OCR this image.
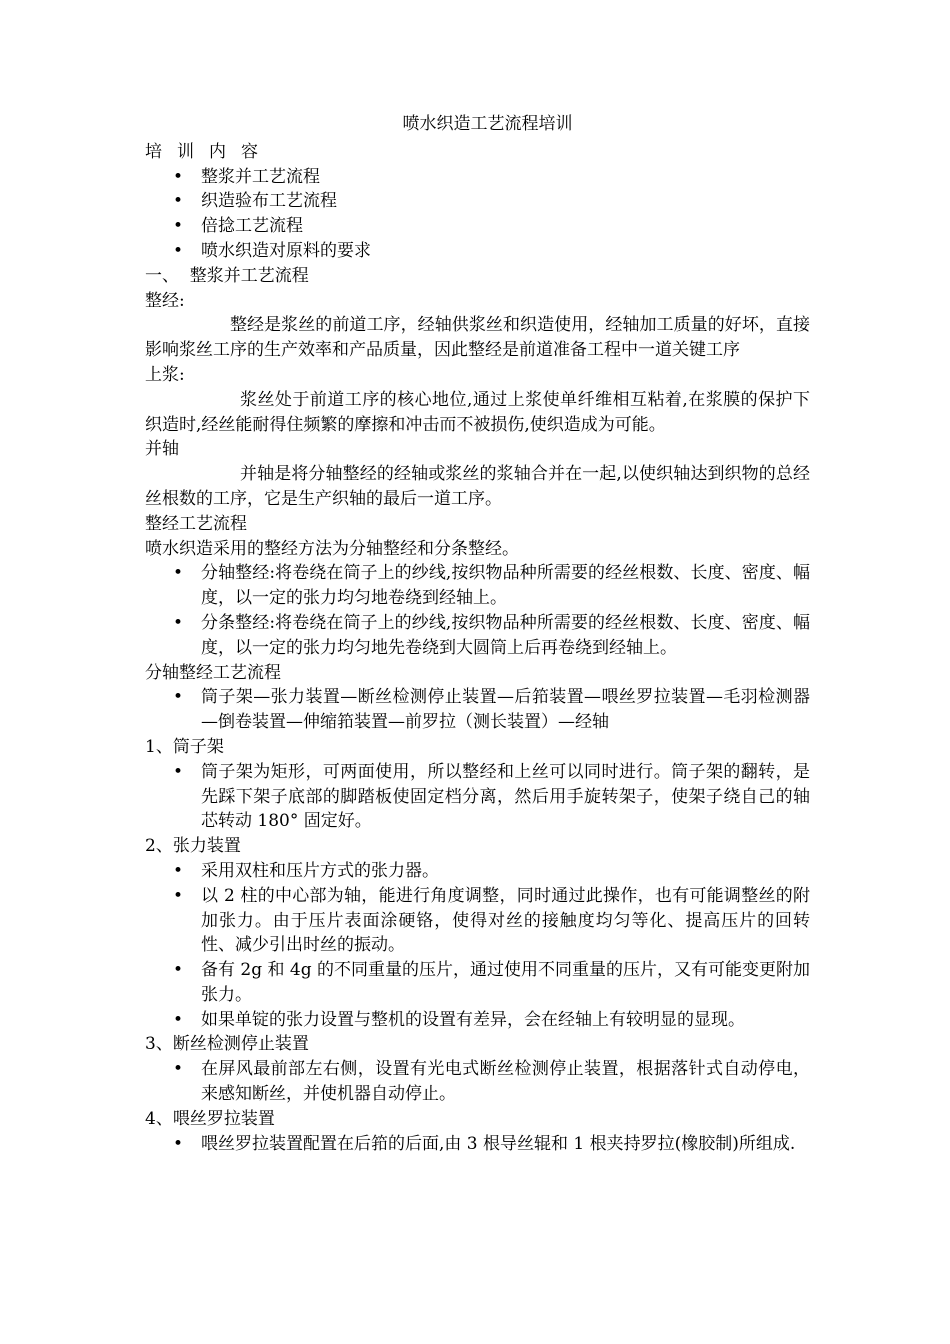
喷水织造工艺流程培训

培训内容

• 整浆并工艺流程
• 织造验布工艺流程
• 倍捻工艺流程
• 喷水织造对原料的要求

一、  整浆并工艺流程

整经:

整经是浆丝的前道工序，经轴供浆丝和织造使用，经轴加工质量的好坏，直接影响浆丝工序的生产效率和产品质量，因此整经是前道准备工程中一道关键工序

上浆:

浆丝处于前道工序的核心地位,通过上浆使单纤维相互粘着,在浆膜的保护下织造时,经丝能耐得住频繁的摩擦和冲击而不被损伤,使织造成为可能。

并轴

并轴是将分轴整经的经轴或浆丝的浆轴合并在一起,以使织轴达到织物的总经丝根数的工序，它是生产织轴的最后一道工序。

整经工艺流程

喷水织造采用的整经方法为分轴整经和分条整经。

• 分轴整经:将卷绕在筒子上的纱线,按织物品种所需要的经丝根数、长度、密度、幅度，以一定的张力均匀地卷绕到经轴上。
• 分条整经:将卷绕在筒子上的纱线,按织物品种所需要的经丝根数、长度、密度、幅度，以一定的张力均匀地先卷绕到大圆筒上后再卷绕到经轴上。

分轴整经工艺流程

• 筒子架—张力装置—断丝检测停止装置—后筘装置—喂丝罗拉装置—毛羽检测器—倒卷装置—伸缩筘装置—前罗拉（测长装置）—经轴

1、筒子架

• 筒子架为矩形，可两面使用，所以整经和上丝可以同时进行。筒子架的翻转，是先踩下架子底部的脚踏板使固定档分离，然后用手旋转架子，使架子绕自己的轴芯转动 180° 固定好。

2、张力装置

• 采用双柱和压片方式的张力器。
• 以 2 柱的中心部为轴，能进行角度调整，同时通过此操作，也有可能调整丝的附加张力。由于压片表面涂硬铬，使得对丝的接触度均匀等化、提高压片的回转性、减少引出时丝的振动。
• 备有 2g 和 4g 的不同重量的压片，通过使用不同重量的压片，又有可能变更附加张力。
• 如果单锭的张力设置与整机的设置有差异，会在经轴上有较明显的显现。

3、断丝检测停止装置

• 在屏风最前部左右侧，设置有光电式断丝检测停止装置，根据落针式自动停电，来感知断丝，并使机器自动停止。

4、喂丝罗拉装置

• 喂丝罗拉装置配置在后筘的后面,由 3 根导丝辊和 1 根夹持罗拉(橡胶制)所组成.
